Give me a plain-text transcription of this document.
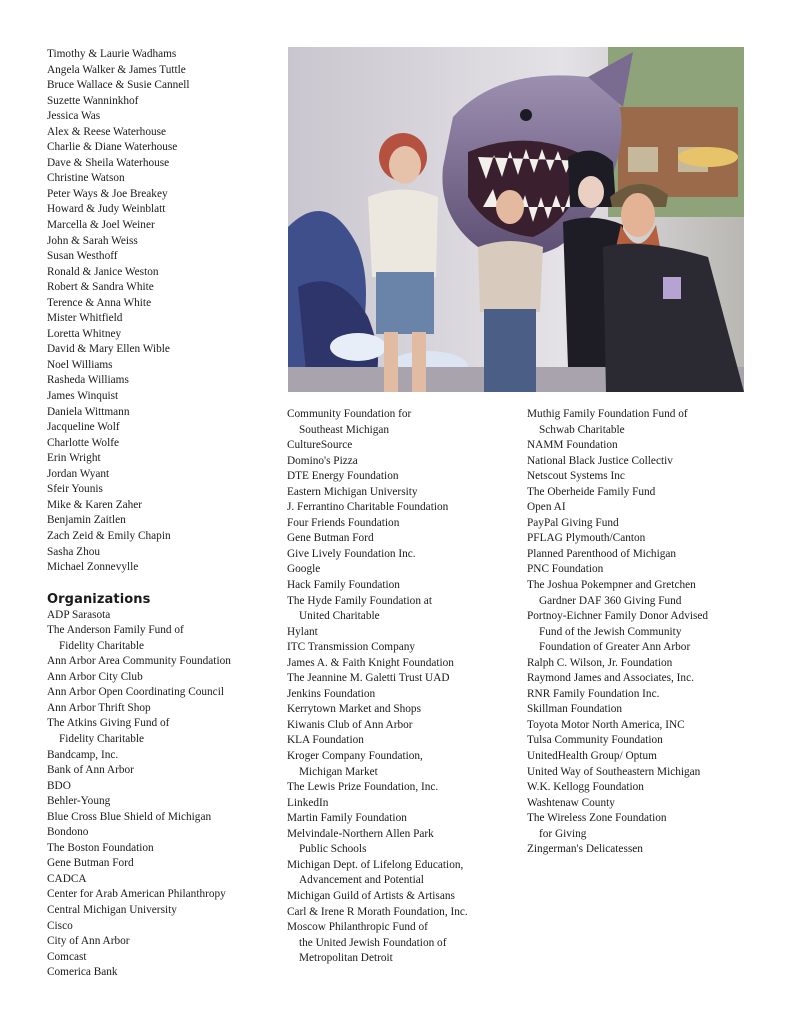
Timothy & Laurie Wadhams
Angela Walker & James Tuttle
Bruce Wallace & Susie Cannell
Suzette Wanninkhof
Jessica Was
Alex & Reese Waterhouse
Charlie & Diane Waterhouse
Dave & Sheila Waterhouse
Christine Watson
Peter Ways & Joe Breakey
Howard & Judy Weinblatt
Marcella & Joel Weiner
John & Sarah Weiss
Susan Westhoff
Ronald & Janice Weston
Robert & Sandra White
Terence & Anna White
Mister Whitfield
Loretta Whitney
David & Mary Ellen Wible
Noel Williams
Rasheda Williams
James Winquist
Daniela Wittmann
Jacqueline Wolf
Charlotte Wolfe
Erin Wright
Jordan Wyant
Sfeir Younis
Mike & Karen Zaher
Benjamin Zaitlen
Zach Zeid & Emily Chapin
Sasha Zhou
Michael Zonnevylle
Organizations
ADP Sarasota
The Anderson Family Fund of
Fidelity Charitable
Ann Arbor Area Community Foundation
Ann Arbor City Club
Ann Arbor Open Coordinating Council
Ann Arbor Thrift Shop
The Atkins Giving Fund of
Fidelity Charitable
Bandcamp, Inc.
Bank of Ann Arbor
BDO
Behler-Young
Blue Cross Blue Shield of Michigan
Bondono
The Boston Foundation
Gene Butman Ford
CADCA
Center for Arab American Philanthropy
Central Michigan University
Cisco
City of Ann Arbor
Comcast
Comerica Bank
Community Foundation for
Southeast Michigan
CultureSource
Domino's Pizza
DTE Energy Foundation
Eastern Michigan University
J. Ferrantino Charitable Foundation
Four Friends Foundation
Gene Butman Ford
Give Lively Foundation Inc.
Google
Hack Family Foundation
The Hyde Family Foundation at
United Charitable
Hylant
ITC Transmission Company
James A. & Faith Knight Foundation
The Jeannine M. Galetti Trust UAD
Jenkins Foundation
Kerrytown Market and Shops
Kiwanis Club of Ann Arbor
KLA Foundation
Kroger Company Foundation,
Michigan Market
The Lewis Prize Foundation, Inc.
LinkedIn
Martin Family Foundation
Melvindale-Northern Allen Park
Public Schools
Michigan Dept. of Lifelong Education,
Advancement and Potential
Michigan Guild of Artists & Artisans
Carl & Irene R Morath Foundation, Inc.
Moscow Philanthropic Fund of
the United Jewish Foundation of
Metropolitan Detroit
Muthig Family Foundation Fund of
Schwab Charitable
NAMM Foundation
National Black Justice Collectiv
Netscout Systems Inc
The Oberheide Family Fund
Open AI
PayPal Giving Fund
PFLAG Plymouth/Canton
Planned Parenthood of Michigan
PNC Foundation
The Joshua Pokempner and Gretchen
Gardner DAF 360 Giving Fund
Portnoy-Eichner Family Donor Advised
Fund of the Jewish Community
Foundation of Greater Ann Arbor
Ralph C. Wilson, Jr. Foundation
Raymond James and Associates, Inc.
RNR Family Foundation Inc.
Skillman Foundation
Toyota Motor North America, INC
Tulsa Community Foundation
UnitedHealth Group/ Optum
United Way of Southeastern Michigan
W.K. Kellogg Foundation
Washtenaw County
The Wireless Zone Foundation
for Giving
Zingerman's Delicatessen
